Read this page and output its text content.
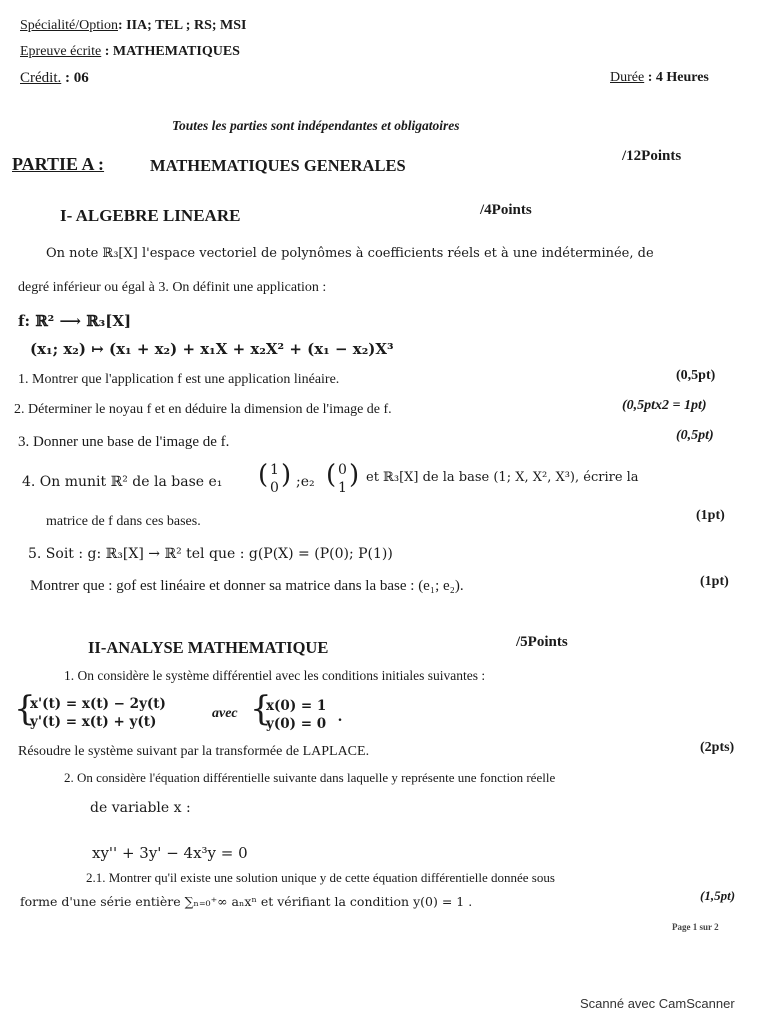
Spécialité/Option: IIA; TEL ; RS; MSI
Epreuve écrite : MATHEMATIQUES
Crédit. : 06	Durée : 4 Heures
Toutes les parties sont indépendantes et obligatoires
PARTIE A :	MATHEMATIQUES GENERALES	/12Points
I- ALGEBRE LINEARE	/4Points
On note ℝ₃[X] l'espace vectoriel de polynômes à coefficients réels et à une indéterminée, de
degré inférieur ou égal à 3. On définit une application :
f: ℝ² ⟶ ℝ₃[X]
(x₁; x₂) ↦ (x₁ + x₂) + x₁X + x₂X² + (x₁ − x₂)X³
1. Montrer que l'application f est une application linéaire.	(0,5pt)
2. Déterminer le noyau f et en déduire la dimension de l'image de f.	(0,5ptx2 = 1pt)
3. Donner une base de l'image de f.	(0,5pt)
4. On munit ℝ² de la base e₁ ( 1
0 ) ;e₂ ( 0
1 ) et ℝ₃[X] de la base (1; X, X², X³), écrire la
matrice de f dans ces bases.	(1pt)
5. Soit : g: ℝ₃[X] → ℝ² tel que : g(P(X) = (P(0); P(1))
Montrer que : gof est linéaire et donner sa matrice dans la base : (e₁; e₂).	(1pt)
II-ANALYSE MATHEMATIQUE	/5Points
1. On considère le système différentiel avec les conditions initiales suivantes :
{
x'(t) = x(t) − 2y(t)
y'(t) = x(t) + y(t)
avec {
x(0) = 1
y(0) = 0 .
Résoudre le système suivant par la transformée de LAPLACE.	(2pts)
2. On considère l'équation différentielle suivante dans laquelle y représente une fonction réelle
de variable x :
xy'' + 3y' − 4x³y = 0
2.1. Montrer qu'il existe une solution unique y de cette équation différentielle donnée sous
forme d'une série entière ∑ₙ₌₀⁺∞ aₙxⁿ et vérifiant la condition y(0) = 1 .	(1,5pt)
Page 1 sur 2
Scanné avec CamScanner
